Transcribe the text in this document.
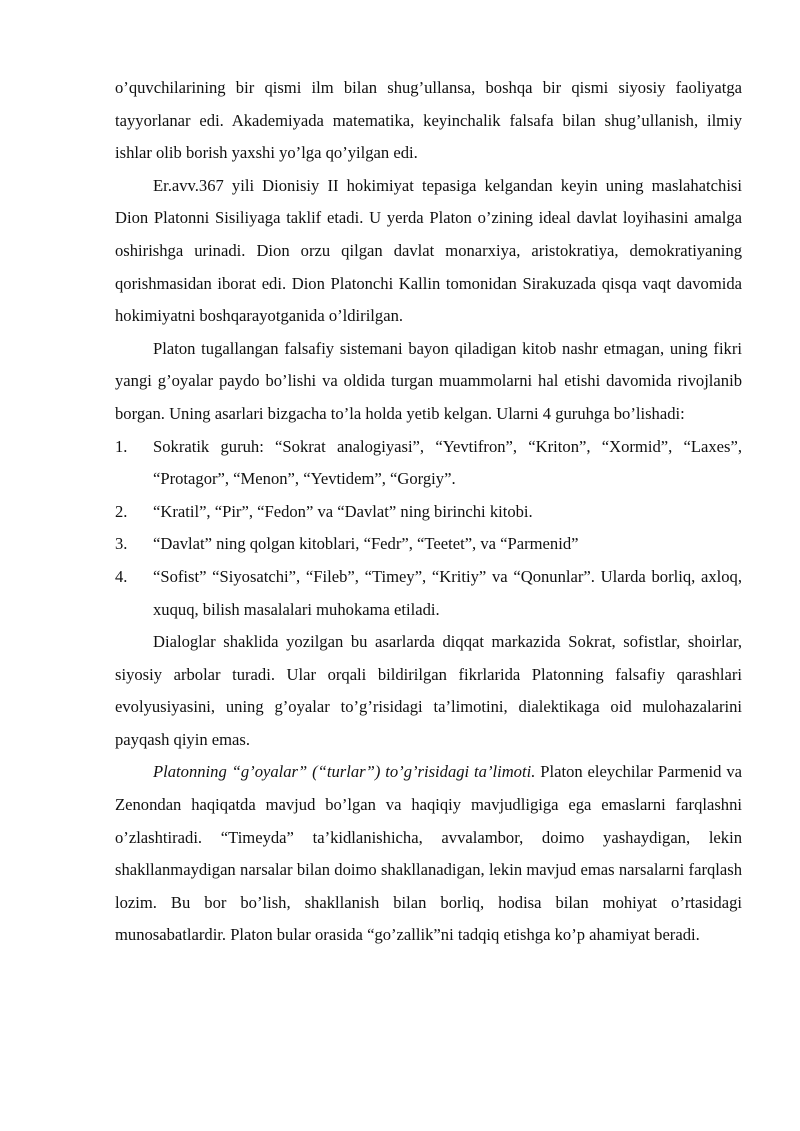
o’quvchilarining bir qismi ilm bilan shug’ullansa, boshqa bir qismi siyosiy faoliyatga tayyorlanar edi. Akademiyada matematika, keyinchalik falsafa bilan shug’ullanish, ilmiy ishlar olib borish yaxshi yo’lga qo’yilgan edi.

Er.avv.367 yili Dionisiy II hokimiyat tepasiga kelgandan keyin uning maslahatchisi Dion Platonni Sisiliyaga taklif etadi. U yerda Platon o’zining ideal davlat loyihasini amalga oshirishga urinadi. Dion orzu qilgan davlat monarxiya, aristokratiya, demokratiyaning qorishmasidan iborat edi. Dion Platonchi Kallin tomonidan Sirakuzada qisqa vaqt davomida hokimiyatni boshqarayotganida o’ldirilgan.

Platon tugallangan falsafiy sistemani bayon qiladigan kitob nashr etmagan, uning fikri yangi g’oyalar paydo bo’lishi va oldida turgan muammolarni hal etishi davomida rivojlanib borgan. Uning asarlari bizgacha to’la holda yetib kelgan. Ularni 4 guruhga bo’lishadi:

1. Sokratik guruh: “Sokrat analogiyasi”, “Yevtifron”, “Kriton”, “Xormid”, “Laxes”, “Protagor”, “Menon”, “Yevtidem”, “Gorgiy”.
2. “Kratil”, “Pir”, “Fedon” va “Davlat” ning birinchi kitobi.
3. “Davlat” ning qolgan kitoblari, “Fedr”, “Teetet”, va “Parmenid”
4. “Sofist” “Siyosatchi”, “Fileb”, “Timey”, “Kritiy” va “Qonunlar”. Ularda borliq, axloq, xuquq, bilish masalalari muhokama etiladi.

Dialoglar shaklida yozilgan bu asarlarda diqqat markazida Sokrat, sofistlar, shoirlar, siyosiy arbolar turadi. Ular orqali bildirilgan fikrlarida Platonning falsafiy qarashlari evolyusiyasini, uning g’oyalar to’g’risidagi ta’limotini, dialektikaga oid mulohazalarini payqash qiyin emas.

Platonning “g’oyalar” (“turlar”) to’g’risidagi ta’limoti. Platon eleychilar Parmenid va Zenondan haqiqatda mavjud bo’lgan va haqiqiy mavjudligiga ega emaslarni farqlashni o’zlashtiradi. “Timeyda” ta’kidlanishicha, avvalambor, doimo yashaydigan, lekin shakllanmaydigan narsalar bilan doimo shakllanadigan, lekin mavjud emas narsalarni farqlash lozim. Bu bor bo’lish, shakllanish bilan borliq, hodisa bilan mohiyat o’rtasidagi munosabatlardir. Platon bular orasida “go’zallik”ni tadqiq etishga ko’p ahamiyat beradi.
